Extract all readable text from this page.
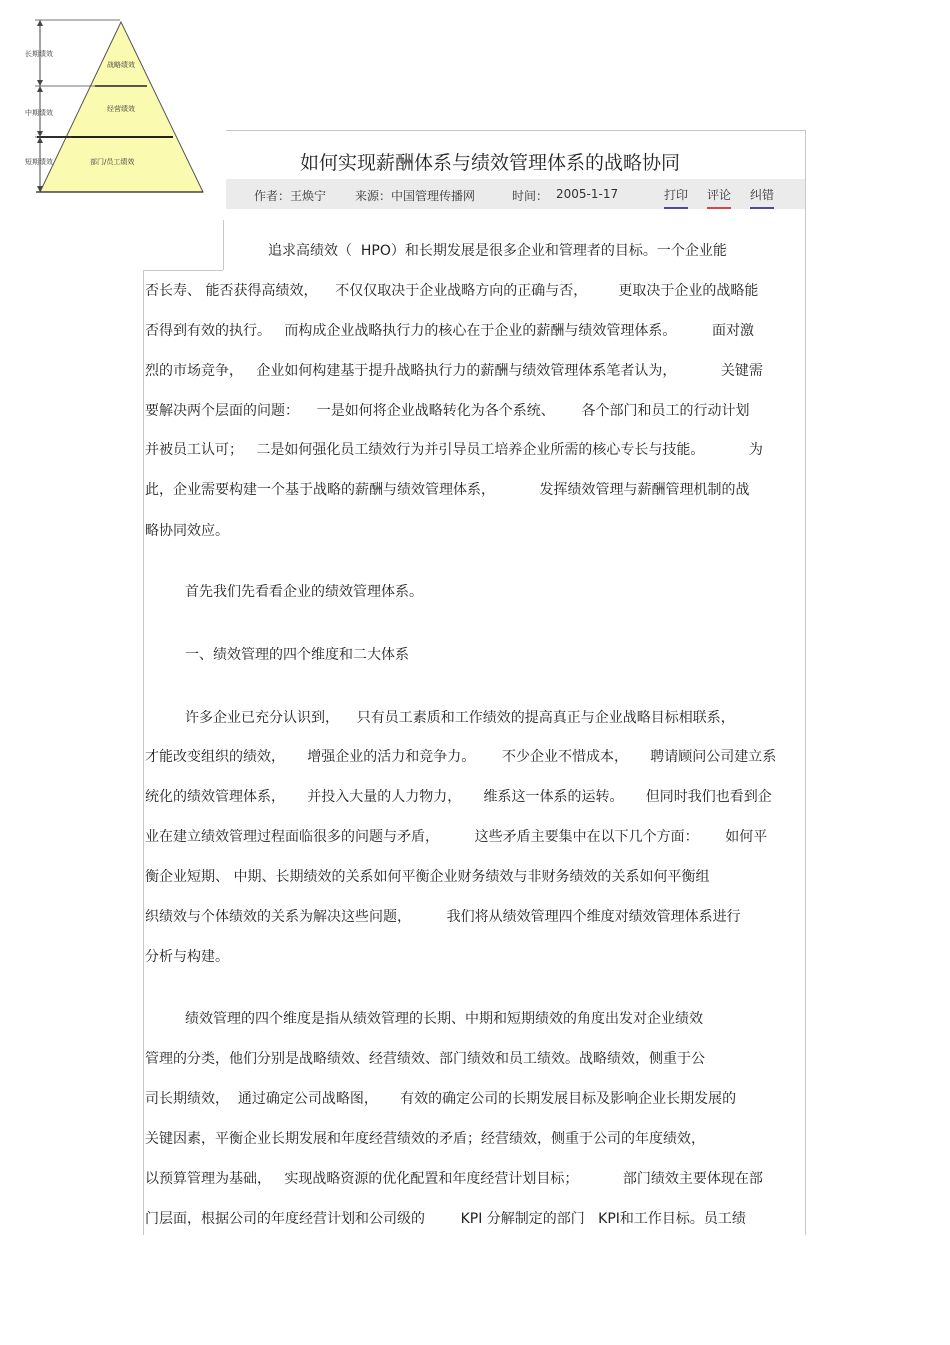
长期绩效
中期绩效
短期绩效
战略绩效
经营绩效
部门/员工绩效	如何实现薪酬体系与绩效管理体系的战略协同
作者：王焕宁 来源：中国管理传播网	时间： 2005-1-17	打印 评论 纠错
追求高绩效（  HPO）和长期发展是很多企业和管理者的目标。一个企业能
否长寿、 能否获得高绩效，    不仅仅取决于企业战略方向的正确与否，       更取决于企业的战略能
否得到有效的执行。   而构成企业战略执行力的核心在于企业的薪酬与绩效管理体系。        面对激
烈的市场竞争，   企业如何构建基于提升战略执行力的薪酬与绩效管理体系笔者认为，          关键需
要解决两个层面的问题：    一是如何将企业战略转化为各个系统、      各个部门和员工的行动计划
并被员工认可；   二是如何强化员工绩效行为并引导员工培养企业所需的核心专长与技能。          为
此，企业需要构建一个基于战略的薪酬与绩效管理体系，          发挥绩效管理与薪酬管理机制的战
略协同效应。
首先我们先看看企业的绩效管理体系。
一、绩效管理的四个维度和二大体系
许多企业已充分认识到，    只有员工素质和工作绩效的提高真正与企业战略目标相联系，
才能改变组织的绩效，     增强企业的活力和竞争力。      不少企业不惜成本，     聘请顾问公司建立系
统化的绩效管理体系，     并投入大量的人力物力，     维系这一体系的运转。     但同时我们也看到企
业在建立绩效管理过程面临很多的问题与矛盾，        这些矛盾主要集中在以下几个方面：      如何平
衡企业短期、 中期、长期绩效的关系如何平衡企业财务绩效与非财务绩效的关系如何平衡组
织绩效与个体绩效的关系为解决这些问题，        我们将从绩效管理四个维度对绩效管理体系进行
分析与构建。
绩效管理的四个维度是指从绩效管理的长期、中期和短期绩效的角度出发对企业绩效
管理的分类，他们分别是战略绩效、经营绩效、部门绩效和员工绩效。战略绩效，侧重于公
司长期绩效，  通过确定公司战略图，     有效的确定公司的长期发展目标及影响企业长期发展的
关键因素，平衡企业长期发展和年度经营绩效的矛盾；经营绩效，侧重于公司的年度绩效，
以预算管理为基础，   实现战略资源的优化配置和年度经营计划目标；          部门绩效主要体现在部
门层面，根据公司的年度经营计划和公司级的        KPI 分解制定的部门   KPI和工作目标。员工绩
